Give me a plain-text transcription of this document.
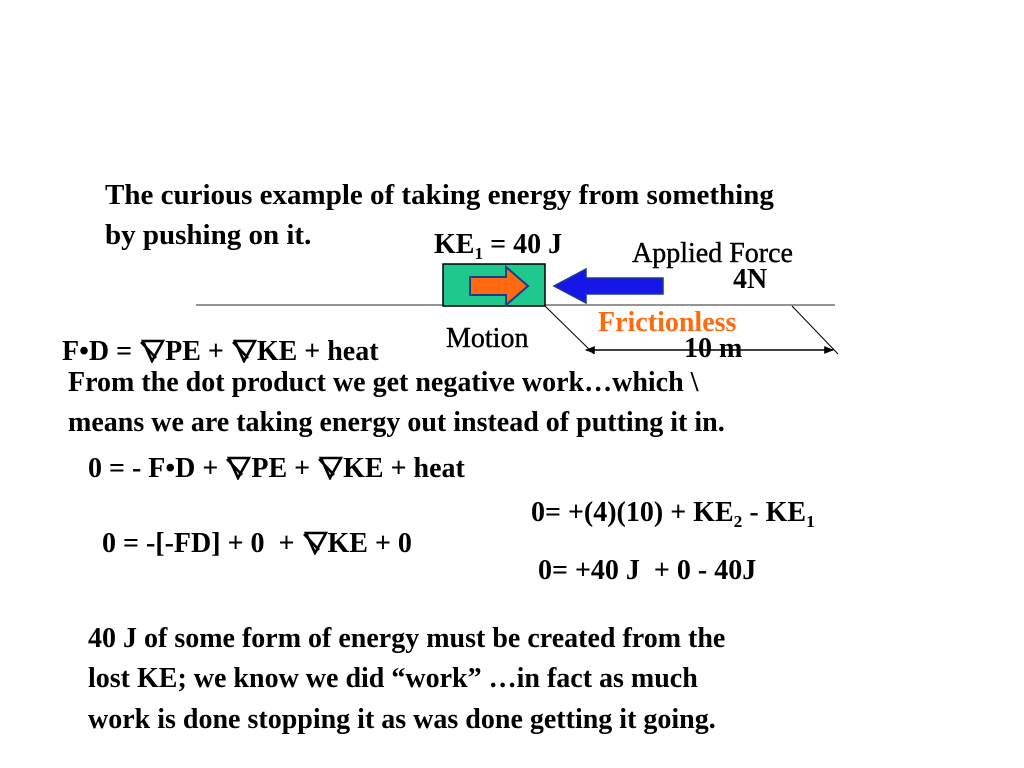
The curious example of taking energy from something
by pushing on it.	$KE_1 = 40$ J Applied Force
4N
Frictionless
Motion	10 m
F•D =
PE +
KE + heat
From the dot product we get negative work…which \
means we are taking energy out instead of putting it in.
0 = - F•D +
PE +
KE + heat

0 = -[-FD] + 0  +
KE + 0

$0= +(4)(10) + KE_2 - KE_1$
0= +40 J  + 0 - 40J
40 J of some form of energy must be created from the
lost KE; we know we did “work” …in fact as much
work is done stopping it as was done getting it going.
